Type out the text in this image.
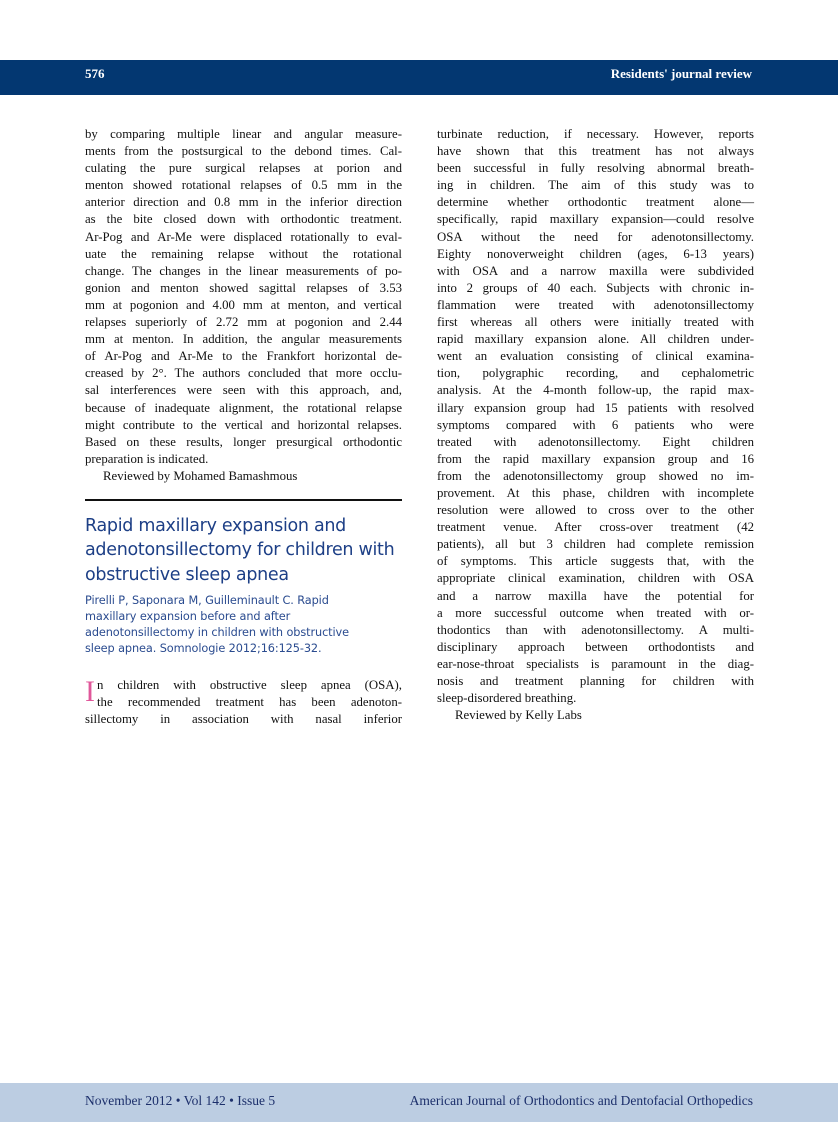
576	Residents' journal review
by comparing multiple linear and angular measure-
ments from the postsurgical to the debond times. Cal-
culating the pure surgical relapses at porion and
menton showed rotational relapses of 0.5 mm in the
anterior direction and 0.8 mm in the inferior direction
as the bite closed down with orthodontic treatment.
Ar-Pog and Ar-Me were displaced rotationally to eval-
uate the remaining relapse without the rotational
change. The changes in the linear measurements of po-
gonion and menton showed sagittal relapses of 3.53
mm at pogonion and 4.00 mm at menton, and vertical
relapses superiorly of 2.72 mm at pogonion and 2.44
mm at menton. In addition, the angular measurements
of Ar-Pog and Ar-Me to the Frankfort horizontal de-
creased by 2°. The authors concluded that more occlu-
sal interferences were seen with this approach, and,
because of inadequate alignment, the rotational relapse
might contribute to the vertical and horizontal relapses.
Based on these results, longer presurgical orthodontic
preparation is indicated.
Reviewed by Mohamed Bamashmous
Rapid maxillary expansion and
adenotonsillectomy for children with
obstructive sleep apnea
Pirelli P, Saponara M, Guilleminault C. Rapid
maxillary expansion before and after
adenotonsillectomy in children with obstructive
sleep apnea. Somnologie 2012;16:125-32.
I n children with obstructive sleep apnea (OSA),
the recommended treatment has been adenoton-
sillectomy in association with nasal inferior
turbinate reduction, if necessary. However, reports
have shown that this treatment has not always
been successful in fully resolving abnormal breath-
ing in children. The aim of this study was to
determine whether orthodontic treatment alone—
specifically, rapid maxillary expansion—could resolve
OSA without the need for adenotonsillectomy.
Eighty nonoverweight children (ages, 6-13 years)
with OSA and a narrow maxilla were subdivided
into 2 groups of 40 each. Subjects with chronic in-
flammation were treated with adenotonsillectomy
first whereas all others were initially treated with
rapid maxillary expansion alone. All children under-
went an evaluation consisting of clinical examina-
tion, polygraphic recording, and cephalometric
analysis. At the 4-month follow-up, the rapid max-
illary expansion group had 15 patients with resolved
symptoms compared with 6 patients who were
treated with adenotonsillectomy. Eight children
from the rapid maxillary expansion group and 16
from the adenotonsillectomy group showed no im-
provement. At this phase, children with incomplete
resolution were allowed to cross over to the other
treatment venue. After cross-over treatment (42
patients), all but 3 children had complete remission
of symptoms. This article suggests that, with the
appropriate clinical examination, children with OSA
and a narrow maxilla have the potential for
a more successful outcome when treated with or-
thodontics than with adenotonsillectomy. A multi-
disciplinary approach between orthodontists and
ear-nose-throat specialists is paramount in the diag-
nosis and treatment planning for children with
sleep-disordered breathing.
Reviewed by Kelly Labs
November 2012 • Vol 142 • Issue 5	American Journal of Orthodontics and Dentofacial Orthopedics
